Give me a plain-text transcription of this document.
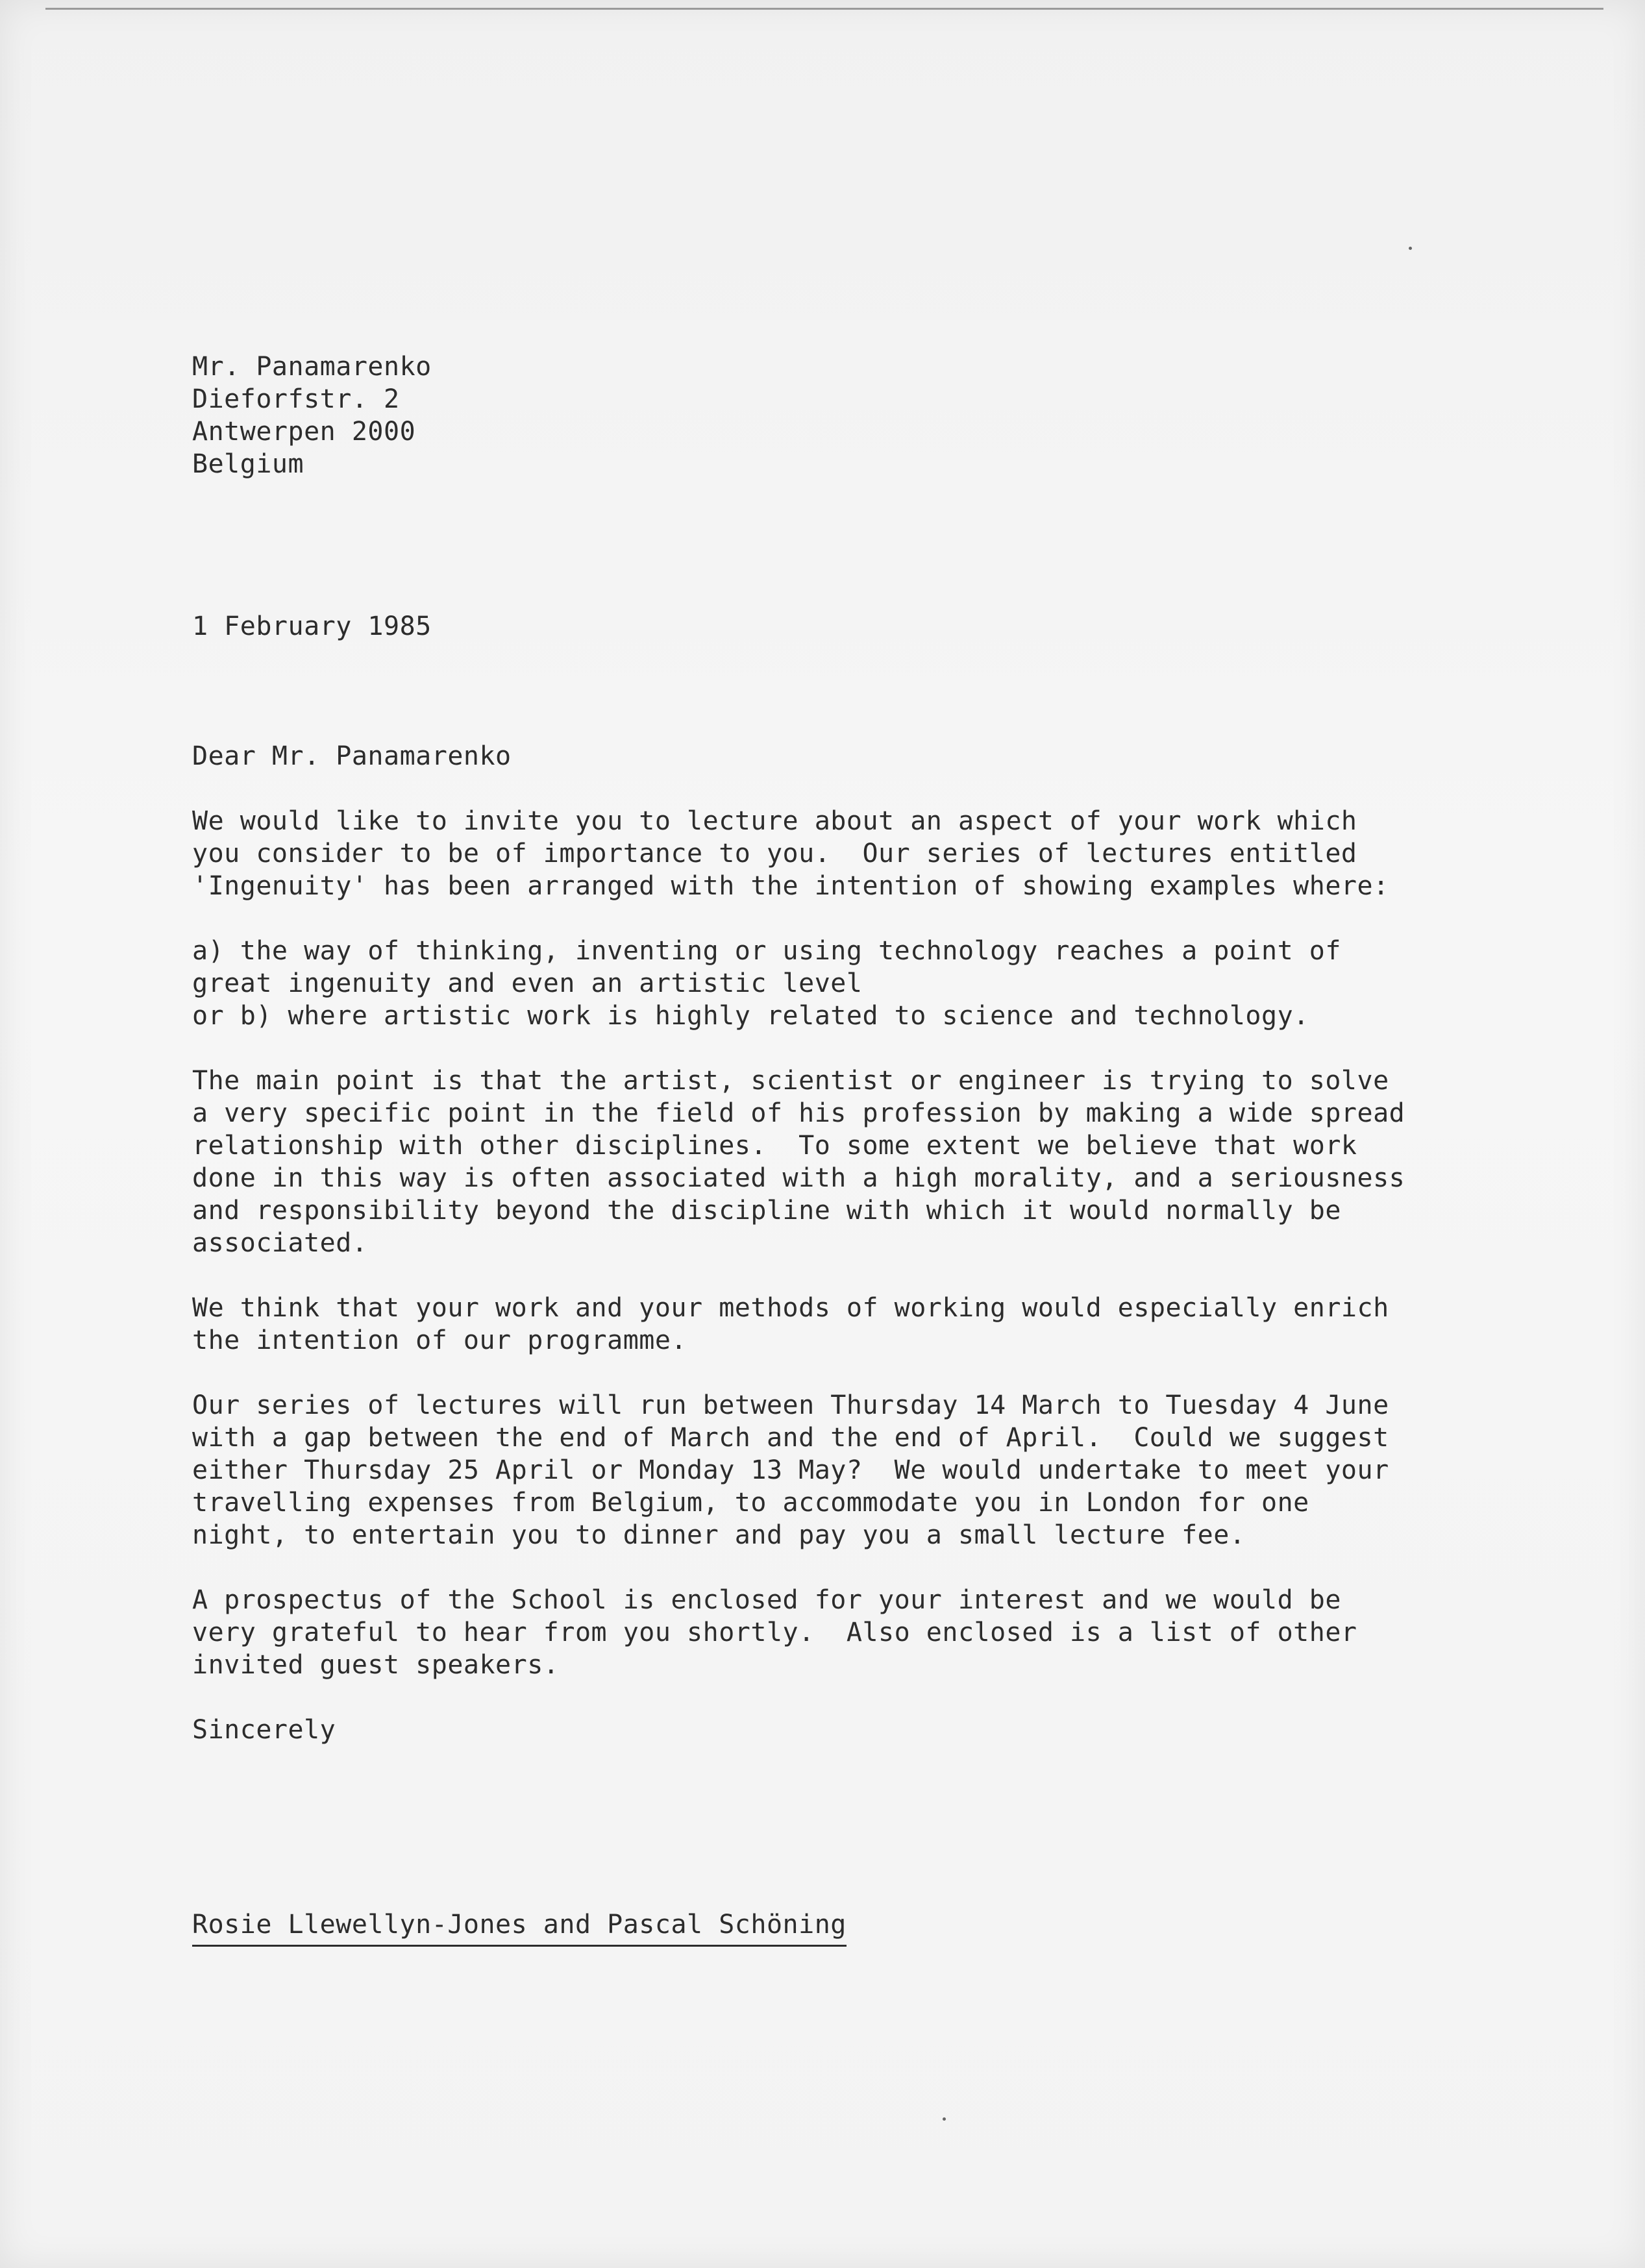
Mr. Panamarenko
Dieforfstr. 2
Antwerpen 2000
Belgium
1 February 1985
Dear Mr. Panamarenko
We would like to invite you to lecture about an aspect of your work which
you consider to be of importance to you.  Our series of lectures entitled
'Ingenuity' has been arranged with the intention of showing examples where:
a) the way of thinking, inventing or using technology reaches a point of
great ingenuity and even an artistic level
or b) where artistic work is highly related to science and technology.
The main point is that the artist, scientist or engineer is trying to solve
a very specific point in the field of his profession by making a wide spread
relationship with other disciplines.  To some extent we believe that work
done in this way is often associated with a high morality, and a seriousness
and responsibility beyond the discipline with which it would normally be
associated.
We think that your work and your methods of working would especially enrich
the intention of our programme.
Our series of lectures will run between Thursday 14 March to Tuesday 4 June
with a gap between the end of March and the end of April.  Could we suggest
either Thursday 25 April or Monday 13 May?  We would undertake to meet your
travelling expenses from Belgium, to accommodate you in London for one
night, to entertain you to dinner and pay you a small lecture fee.
A prospectus of the School is enclosed for your interest and we would be
very grateful to hear from you shortly.  Also enclosed is a list of other
invited guest speakers.
Sincerely
Rosie Llewellyn-Jones and Pascal Schöning
